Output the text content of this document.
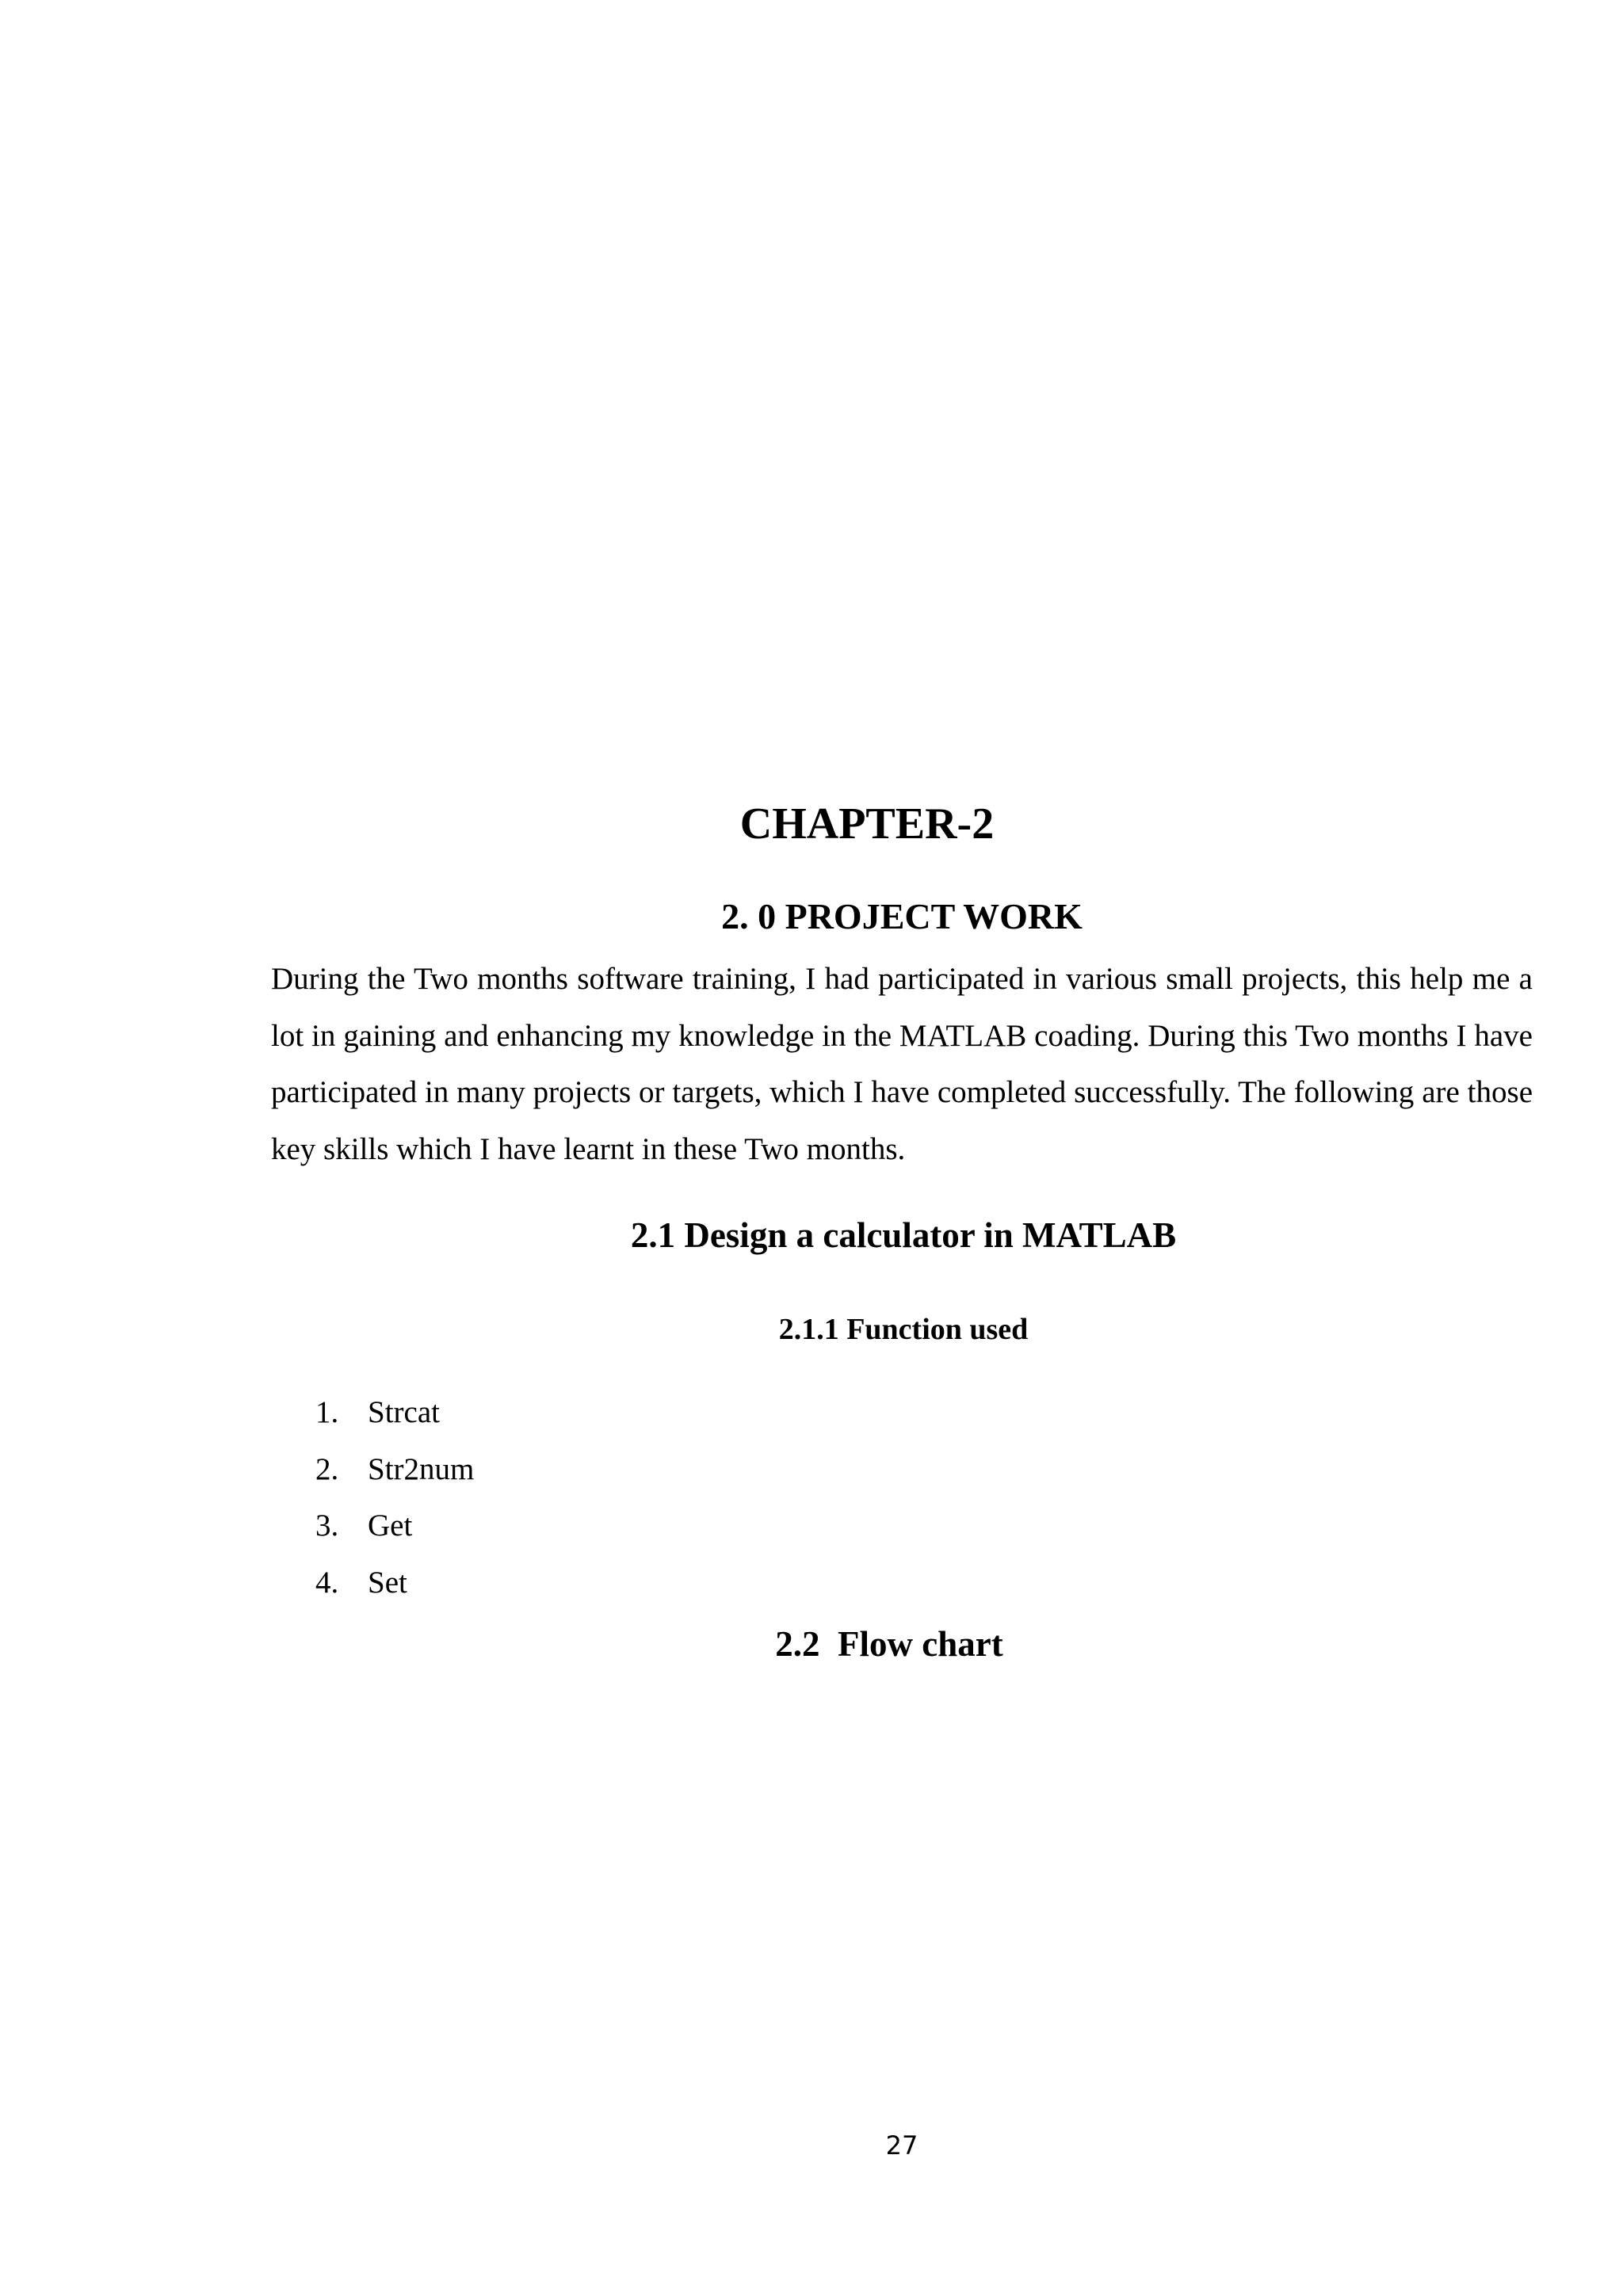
CHAPTER-2
2. 0 PROJECT WORK

During the Two months software training, I had participated in various small projects, this help me a lot in gaining and enhancing my knowledge in the MATLAB coading. During this Two months I have participated in many projects or targets, which I have completed successfully. The following are those key skills which I have learnt in these Two months.

2.1 Design a calculator in MATLAB
2.1.1 Function used
1. Strcat
2. Str2num
3. Get
4. Set
2.2  Flow chart
27
